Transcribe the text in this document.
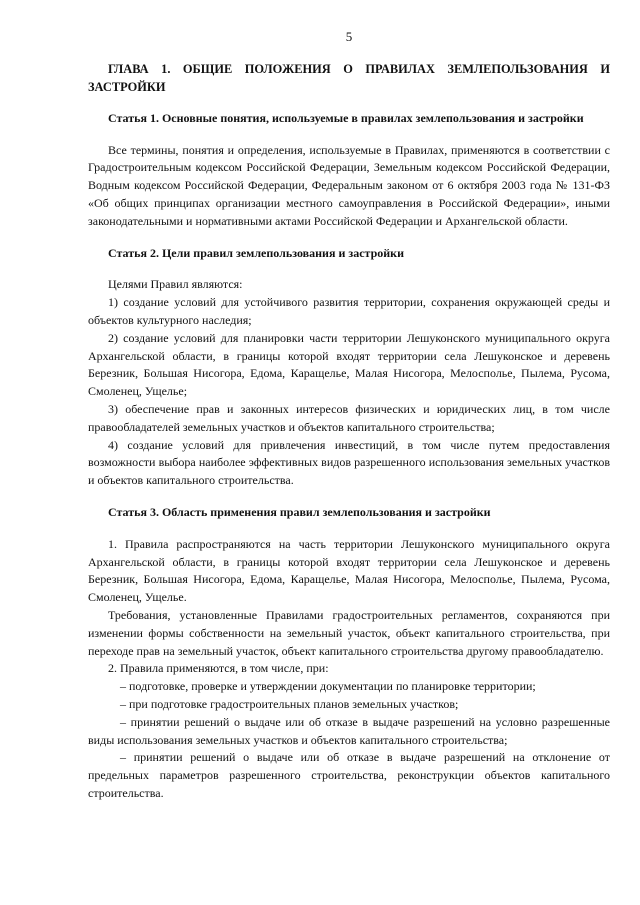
5
ГЛАВА 1. ОБЩИЕ ПОЛОЖЕНИЯ О ПРАВИЛАХ ЗЕМЛЕПОЛЬЗОВАНИЯ И ЗАСТРОЙКИ
Статья 1. Основные понятия, используемые в правилах землепользования и застройки

Все термины, понятия и определения, используемые в Правилах, применяются в соответствии с Градостроительным кодексом Российской Федерации, Земельным кодексом Российской Федерации, Водным кодексом Российской Федерации, Федеральным законом от 6 октября 2003 года № 131-ФЗ «Об общих принципах организации местного самоуправления в Российской Федерации», иными законодательными и нормативными актами Российской Федерации и Архангельской области.

Статья 2. Цели правил землепользования и застройки

Целями Правил являются:

1) создание условий для устойчивого развития территории, сохранения окружающей среды и объектов культурного наследия;

2) создание условий для планировки части территории Лешуконского муниципального округа Архангельской области, в границы которой входят территории села Лешуконское и деревень Березник, Большая Нисогора, Едома, Каращелье, Малая Нисогора, Мелосполье, Пылема, Русома, Смоленец, Ущелье;

3) обеспечение прав и законных интересов физических и юридических лиц, в том числе правообладателей земельных участков и объектов капитального строительства;

4) создание условий для привлечения инвестиций, в том числе путем предоставления возможности выбора наиболее эффективных видов разрешенного использования земельных участков и объектов капитального строительства.

Статья 3. Область применения правил землепользования и застройки

1. Правила распространяются на часть территории Лешуконского муниципального округа Архангельской области, в границы которой входят территории села Лешуконское и деревень Березник, Большая Нисогора, Едома, Каращелье, Малая Нисогора, Мелосполье, Пылема, Русома, Смоленец, Ущелье.

Требования, установленные Правилами градостроительных регламентов, сохраняются при изменении формы собственности на земельный участок, объект капитального строительства, при переходе прав на земельный участок, объект капитального строительства другому правообладателю.

2. Правила применяются, в том числе, при:

– подготовке, проверке и утверждении документации по планировке территории;

– при подготовке градостроительных планов земельных участков;

– принятии решений о выдаче или об отказе в выдаче разрешений на условно разрешенные виды использования земельных участков и объектов капитального строительства;

– принятии решений о выдаче или об отказе в выдаче разрешений на отклонение от предельных параметров разрешенного строительства, реконструкции объектов капитального строительства.
